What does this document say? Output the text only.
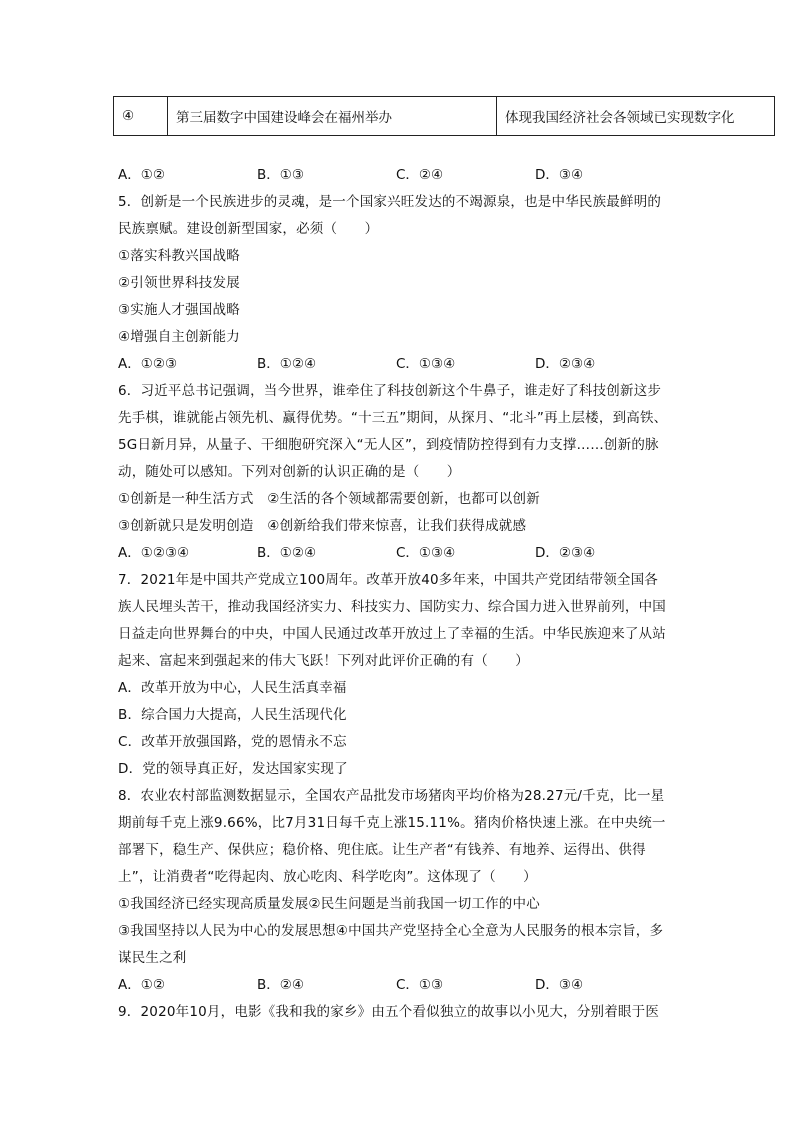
④	第三届数字中国建设峰会在福州举办	体现我国经济社会各领域已实现数字化
A．①②	B．①③	C．②④	D．③④
5．创新是一个民族进步的灵魂，是一个国家兴旺发达的不竭源泉，也是中华民族最鲜明的
民族禀赋。建设创新型国家，必须（　　）
①落实科教兴国战略
②引领世界科技发展
③实施人才强国战略
④增强自主创新能力
A．①②③	B．①②④	C．①③④	D．②③④
6．习近平总书记强调，当今世界，谁牵住了科技创新这个牛鼻子，谁走好了科技创新这步
先手棋，谁就能占领先机、赢得优势。“十三五”期间，从探月、“北斗”再上层楼，到高铁、
5G日新月异，从量子、干细胞研究深入“无人区”，到疫情防控得到有力支撑……创新的脉
动，随处可以感知。下列对创新的认识正确的是（　　）
①创新是一种生活方式　②生活的各个领域都需要创新，也都可以创新
③创新就只是发明创造　④创新给我们带来惊喜，让我们获得成就感
A．①②③④	B．①②④	C．①③④	D．②③④
7．2021年是中国共产党成立100周年。改革开放40多年来，中国共产党团结带领全国各
族人民埋头苦干，推动我国经济实力、科技实力、国防实力、综合国力进入世界前列，中国
日益走向世界舞台的中央，中国人民通过改革开放过上了幸福的生活。中华民族迎来了从站
起来、富起来到强起来的伟大飞跃！下列对此评价正确的有（　　）
A．改革开放为中心，人民生活真幸福
B．综合国力大提高，人民生活现代化
C．改革开放强国路，党的恩情永不忘
D．党的领导真正好，发达国家实现了
8．农业农村部监测数据显示，全国农产品批发市场猪肉平均价格为28.27元/千克，比一星
期前每千克上涨9.66%，比7月31日每千克上涨15.11%。猪肉价格快速上涨。在中央统一
部署下，稳生产、保供应；稳价格、兜住底。让生产者“有钱养、有地养、运得出、供得
上”，让消费者“吃得起肉、放心吃肉、科学吃肉”。这体现了（　　）
①我国经济已经实现高质量发展②民生问题是当前我国一切工作的中心
③我国坚持以人民为中心的发展思想④中国共产党坚持全心全意为人民服务的根本宗旨，多
谋民生之利
A．①②	B．②④	C．①③	D．③④
9．2020年10月，电影《我和我的家乡》由五个看似独立的故事以小见大，分别着眼于医
